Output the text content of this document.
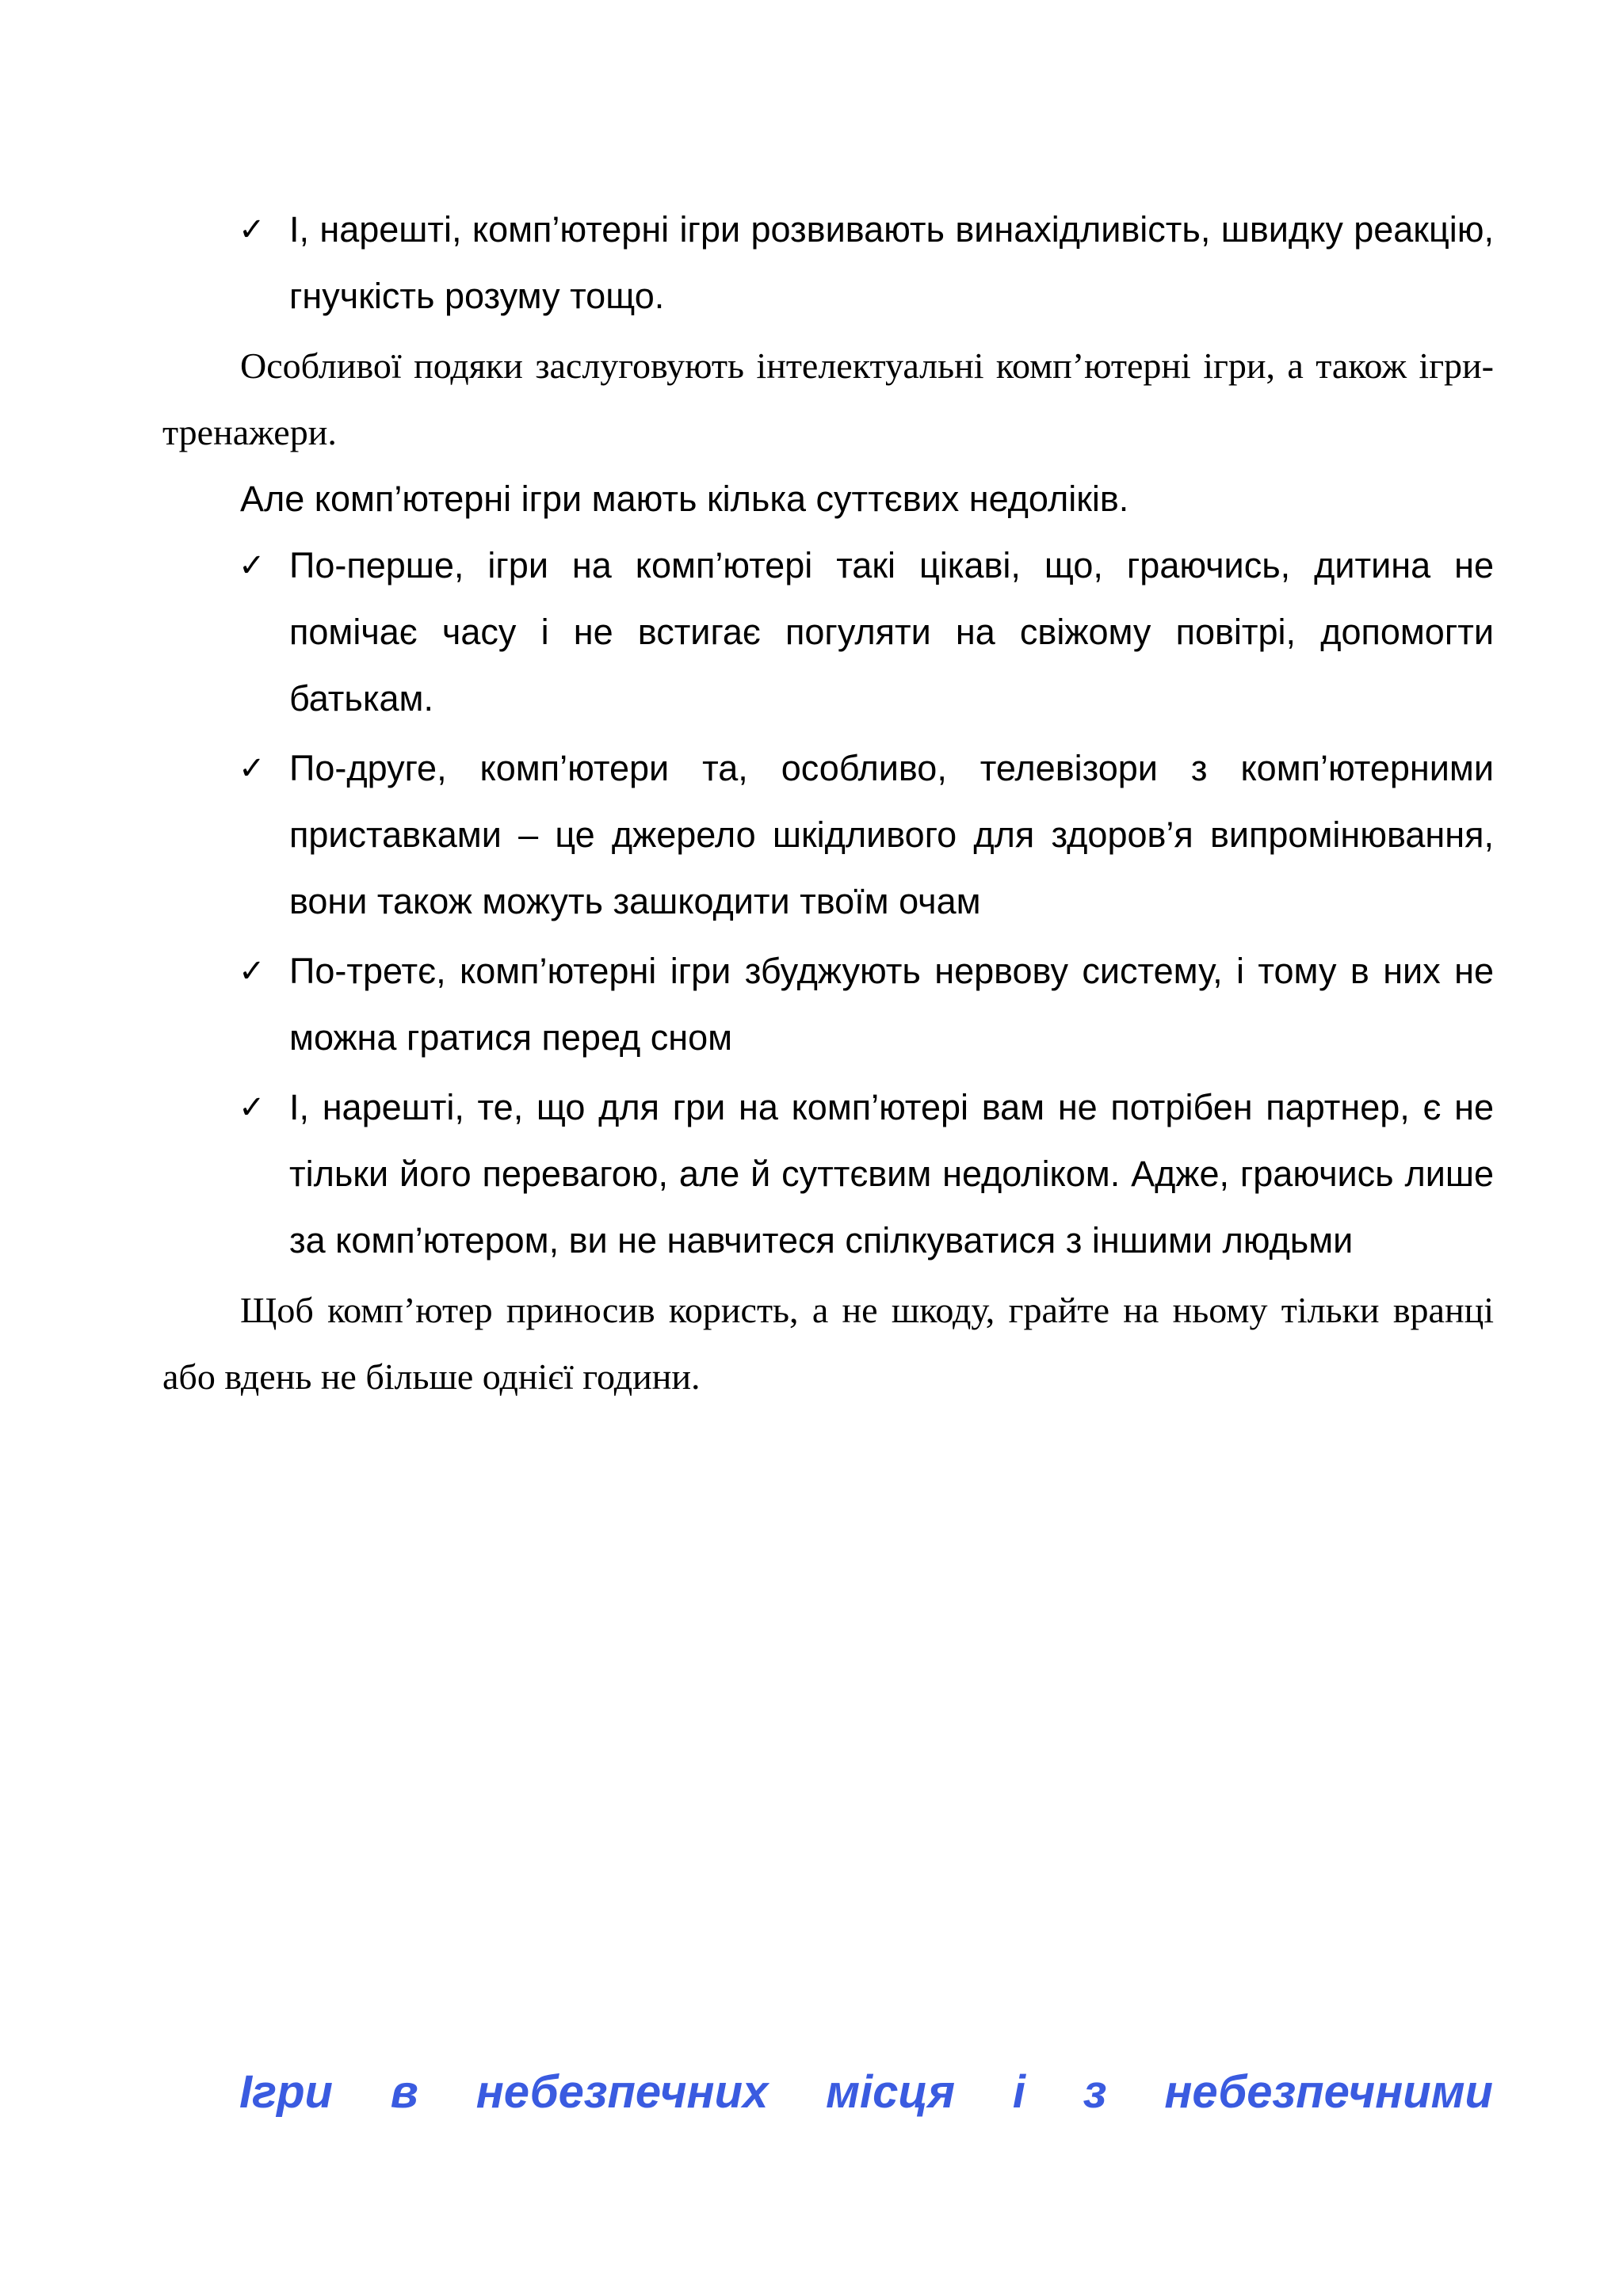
✓ І, нарешті, комп’ютерні ігри розвивають винахідливість, швидку реакцію, гнучкість розуму тощо.

Особливої подяки заслуговують інтелектуальні комп’ютерні ігри, а також ігри-тренажери.

Але комп’ютерні ігри мають кілька суттєвих недоліків.

✓ По-перше, ігри на комп’ютері такі цікаві, що, граючись, дитина не помічає часу і не встигає погуляти на свіжому повітрі, допомогти батькам.
✓ По-друге, комп’ютери та, особливо, телевізори з комп’ютерними приставками – це джерело шкідливого для здоров’я випромінювання, вони також можуть зашкодити твоїм очам
✓ По-третє, комп’ютерні ігри збуджують нервову систему, і тому в них не можна гратися перед сном
✓ І, нарешті, те, що для гри на комп’ютері вам не потрібен партнер, є не тільки його перевагою, але й суттєвим недоліком. Адже, граючись лише за комп’ютером, ви не навчитеся спілкуватися з іншими людьми

Щоб комп’ютер приносив користь, а не шкоду, грайте на ньому тільки вранці або вдень не більше однієї години.

Ігри в небезпечних місця і з небезпечними
